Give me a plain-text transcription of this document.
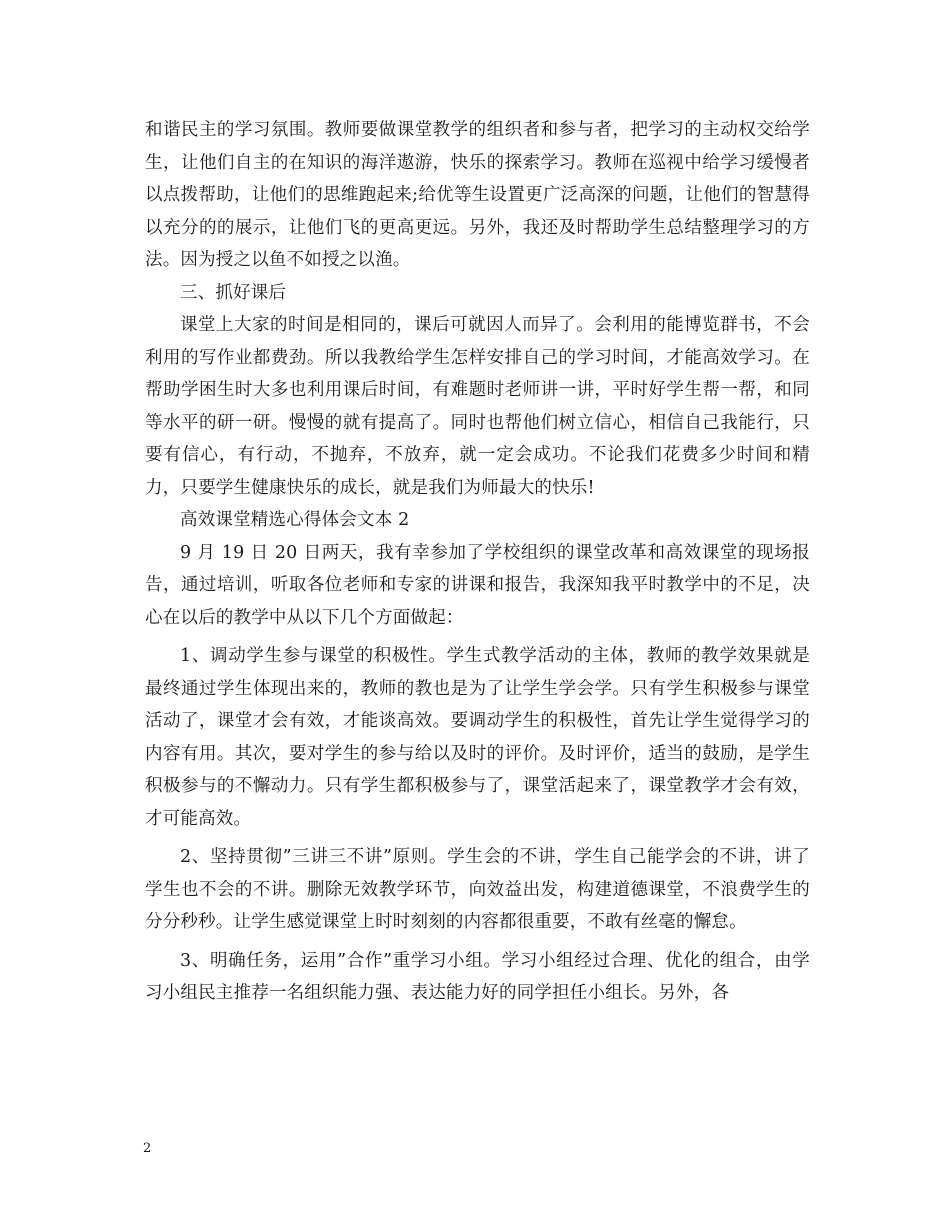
和谐民主的学习氛围。教师要做课堂教学的组织者和参与者，把学习的主动权交给学生，让他们自主的在知识的海洋遨游，快乐的探索学习。教师在巡视中给学习缓慢者以点拨帮助，让他们的思维跑起来;给优等生设置更广泛高深的问题，让他们的智慧得以充分的的展示，让他们飞的更高更远。另外，我还及时帮助学生总结整理学习的方法。因为授之以鱼不如授之以渔。

三、抓好课后

课堂上大家的时间是相同的，课后可就因人而异了。会利用的能博览群书，不会利用的写作业都费劲。所以我教给学生怎样安排自己的学习时间，才能高效学习。在帮助学困生时大多也利用课后时间，有难题时老师讲一讲，平时好学生帮一帮，和同等水平的研一研。慢慢的就有提高了。同时也帮他们树立信心，相信自己我能行，只要有信心，有行动，不抛弃，不放弃，就一定会成功。不论我们花费多少时间和精力，只要学生健康快乐的成长，就是我们为师最大的快乐!

高效课堂精选心得体会文本 2

9 月 19 日 20 日两天，我有幸参加了学校组织的课堂改革和高效课堂的现场报告，通过培训，听取各位老师和专家的讲课和报告，我深知我平时教学中的不足，决心在以后的教学中从以下几个方面做起：

1、调动学生参与课堂的积极性。学生式教学活动的主体，教师的教学效果就是最终通过学生体现出来的，教师的教也是为了让学生学会学。只有学生积极参与课堂活动了，课堂才会有效，才能谈高效。要调动学生的积极性，首先让学生觉得学习的内容有用。其次，要对学生的参与给以及时的评价。及时评价，适当的鼓励，是学生积极参与的不懈动力。只有学生都积极参与了，课堂活起来了，课堂教学才会有效，才可能高效。

2、坚持贯彻”三讲三不讲”原则。学生会的不讲，学生自己能学会的不讲，讲了学生也不会的不讲。删除无效教学环节，向效益出发，构建道德课堂，不浪费学生的分分秒秒。让学生感觉课堂上时时刻刻的内容都很重要，不敢有丝毫的懈怠。

3、明确任务，运用”合作”重学习小组。学习小组经过合理、优化的组合，由学习小组民主推荐一名组织能力强、表达能力好的同学担任小组长。另外，各

2
